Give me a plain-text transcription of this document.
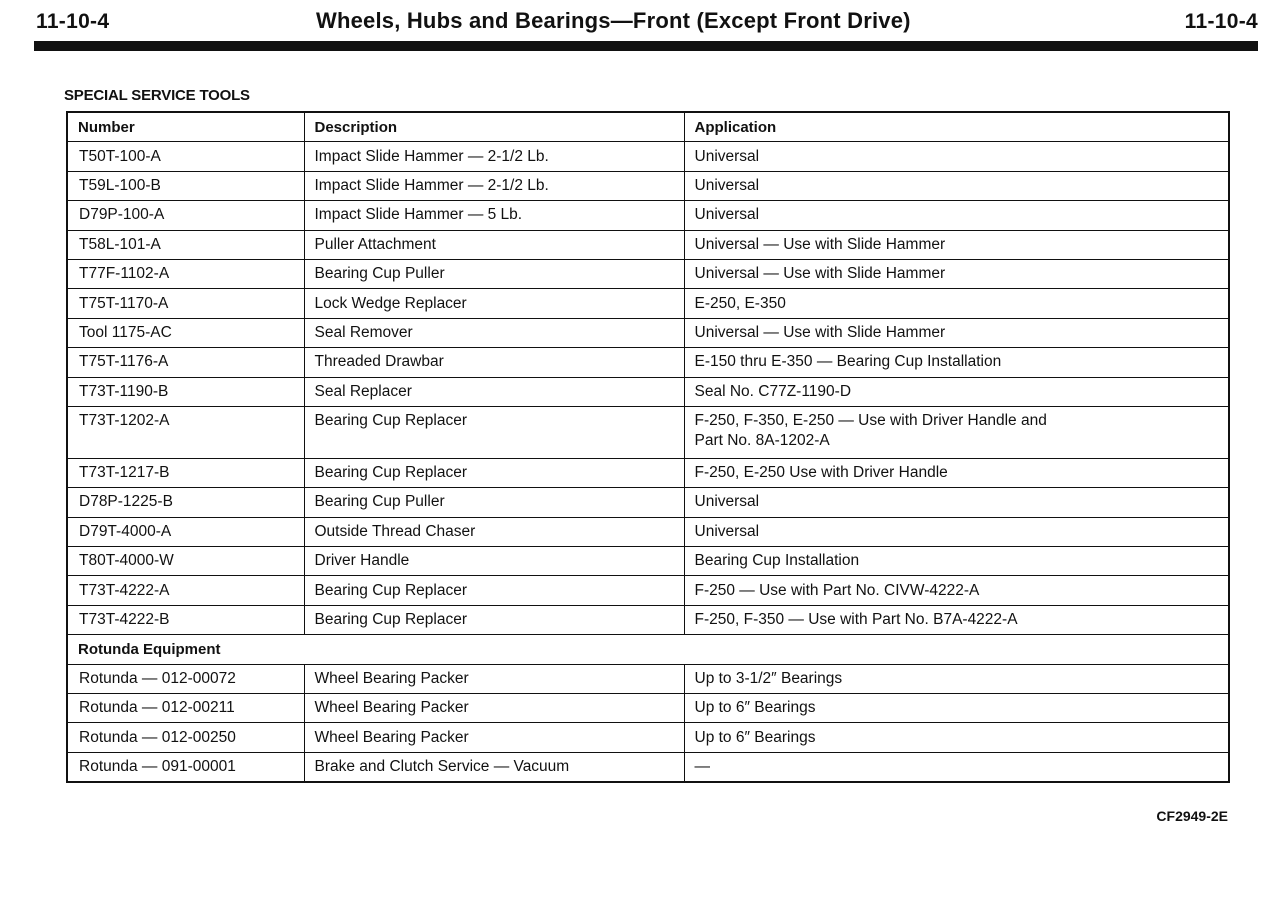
11-10-4	Wheels, Hubs and Bearings—Front (Except Front Drive)	11-10-4
SPECIAL SERVICE TOOLS
Number	Description	Application
T50T-100-A	Impact Slide Hammer — 2-1/2 Lb.	Universal

T59L-100-B	Impact Slide Hammer — 2-1/2 Lb.	Universal

D79P-100-A	Impact Slide Hammer — 5 Lb.	Universal

T58L-101-A	Puller Attachment	Universal — Use with Slide Hammer

T77F-1102-A	Bearing Cup Puller	Universal — Use with Slide Hammer

T75T-1170-A	Lock Wedge Replacer	E-250, E-350

Tool 1175-AC	Seal Remover	Universal — Use with Slide Hammer

T75T-1176-A	Threaded Drawbar	E-150 thru E-350 — Bearing Cup Installation

T73T-1190-B	Seal Replacer	Seal No. C77Z-1190-D

T73T-1202-A	Bearing Cup Replacer	F-250, F-350, E-250 — Use with Driver Handle and
Part No. 8A-1202-A

T73T-1217-B	Bearing Cup Replacer	F-250, E-250 Use with Driver Handle

D78P-1225-B	Bearing Cup Puller	Universal

D79T-4000-A	Outside Thread Chaser	Universal

T80T-4000-W	Driver Handle	Bearing Cup Installation

T73T-4222-A	Bearing Cup Replacer	F-250 — Use with Part No. CIVW-4222-A

T73T-4222-B	Bearing Cup Replacer	F-250, F-350 — Use with Part No. B7A-4222-A

Rotunda Equipment		
Rotunda — 012-00072	Wheel Bearing Packer	Up to 3-1/2″ Bearings

Rotunda — 012-00211	Wheel Bearing Packer	Up to 6″ Bearings

Rotunda — 012-00250	Wheel Bearing Packer	Up to 6″ Bearings

Rotunda — 091-00001	Brake and Clutch Service — Vacuum	—
CF2949-2E
